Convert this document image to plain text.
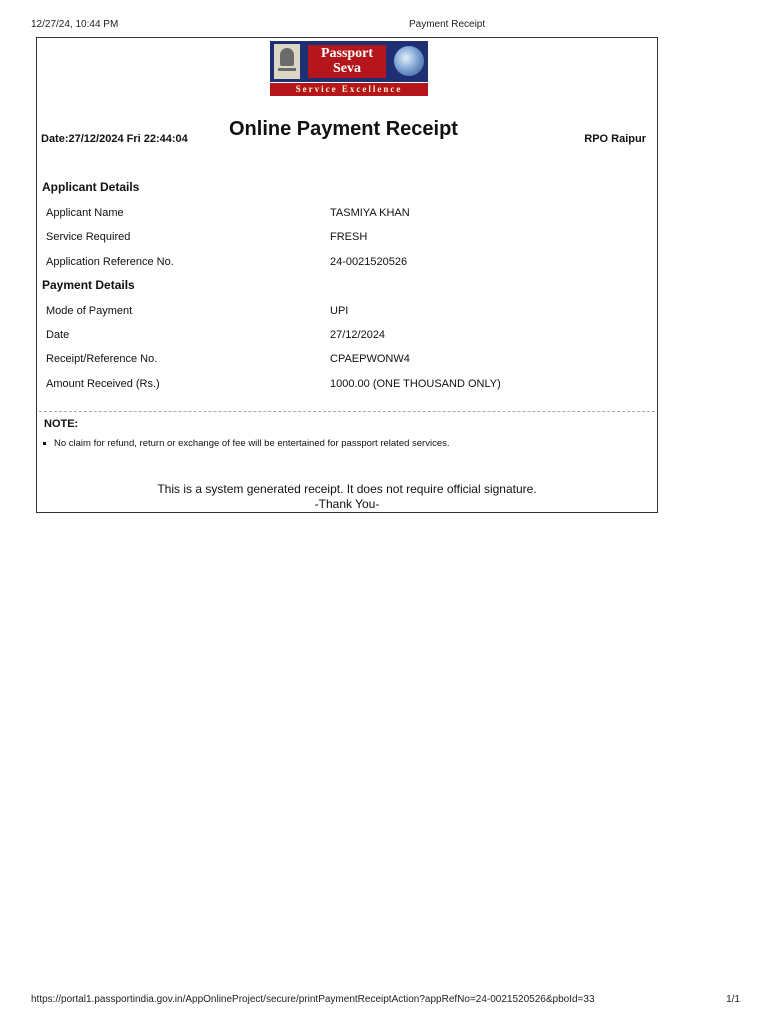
12/27/24, 10:44 PM	Payment Receipt
Passport
Seva
Service Excellence
Date:27/12/2024 Fri 22:44:04 Online Payment Receipt	RPO Raipur
Applicant Details
Applicant Name	TASMIYA KHAN
Service Required	FRESH
Application Reference No.	24-0021520526
Payment Details
Mode of Payment	UPI
Date	27/12/2024
Receipt/Reference No.	CPAEPWONW4
Amount Received (Rs.)	1000.00 (ONE THOUSAND ONLY)
NOTE:
No claim for refund, return or exchange of fee will be entertained for passport related services.
This is a system generated receipt. It does not require official signature.
-Thank You-
https://portal1.passportindia.gov.in/AppOnlineProject/secure/printPaymentReceiptAction?appRefNo=24-0021520526&pboId=33	1/1
